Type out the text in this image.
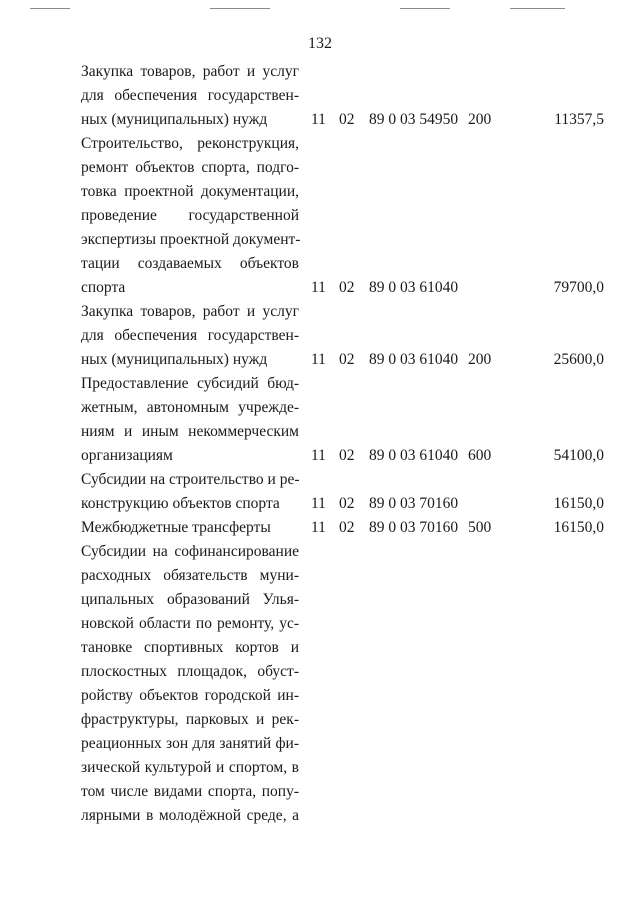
132
Закупка товаров, работ и услуг
для обеспечения государствен-
ных (муниципальных) нужд	11 02 89 0 03 54950 200	11357,5
Строительство, реконструкция,
ремонт объектов спорта, подго-
товка проектной документации,
проведение государственной
экспертизы проектной документ-
тации создаваемых объектов
спорта	11 02 89 0 03 61040	79700,0
Закупка товаров, работ и услуг
для обеспечения государствен-
ных (муниципальных) нужд	11 02 89 0 03 61040 200	25600,0
Предоставление субсидий бюд-
жетным, автономным учрежде-
ниям и иным некоммерческим
организациям	11 02 89 0 03 61040 600	54100,0
Субсидии на строительство и ре-
конструкцию объектов спорта	11 02 89 0 03 70160	16150,0
Межбюджетные трансферты	11 02 89 0 03 70160 500	16150,0
Субсидии на софинансирование
расходных обязательств муни-
ципальных образований Улья-
новской области по ремонту, ус-
тановке спортивных кортов и
плоскостных площадок, обуст-
ройству объектов городской ин-
фраструктуры, парковых и рек-
реационных зон для занятий фи-
зической культурой и спортом, в
том числе видами спорта, попу-
лярными в молодёжной среде, а
